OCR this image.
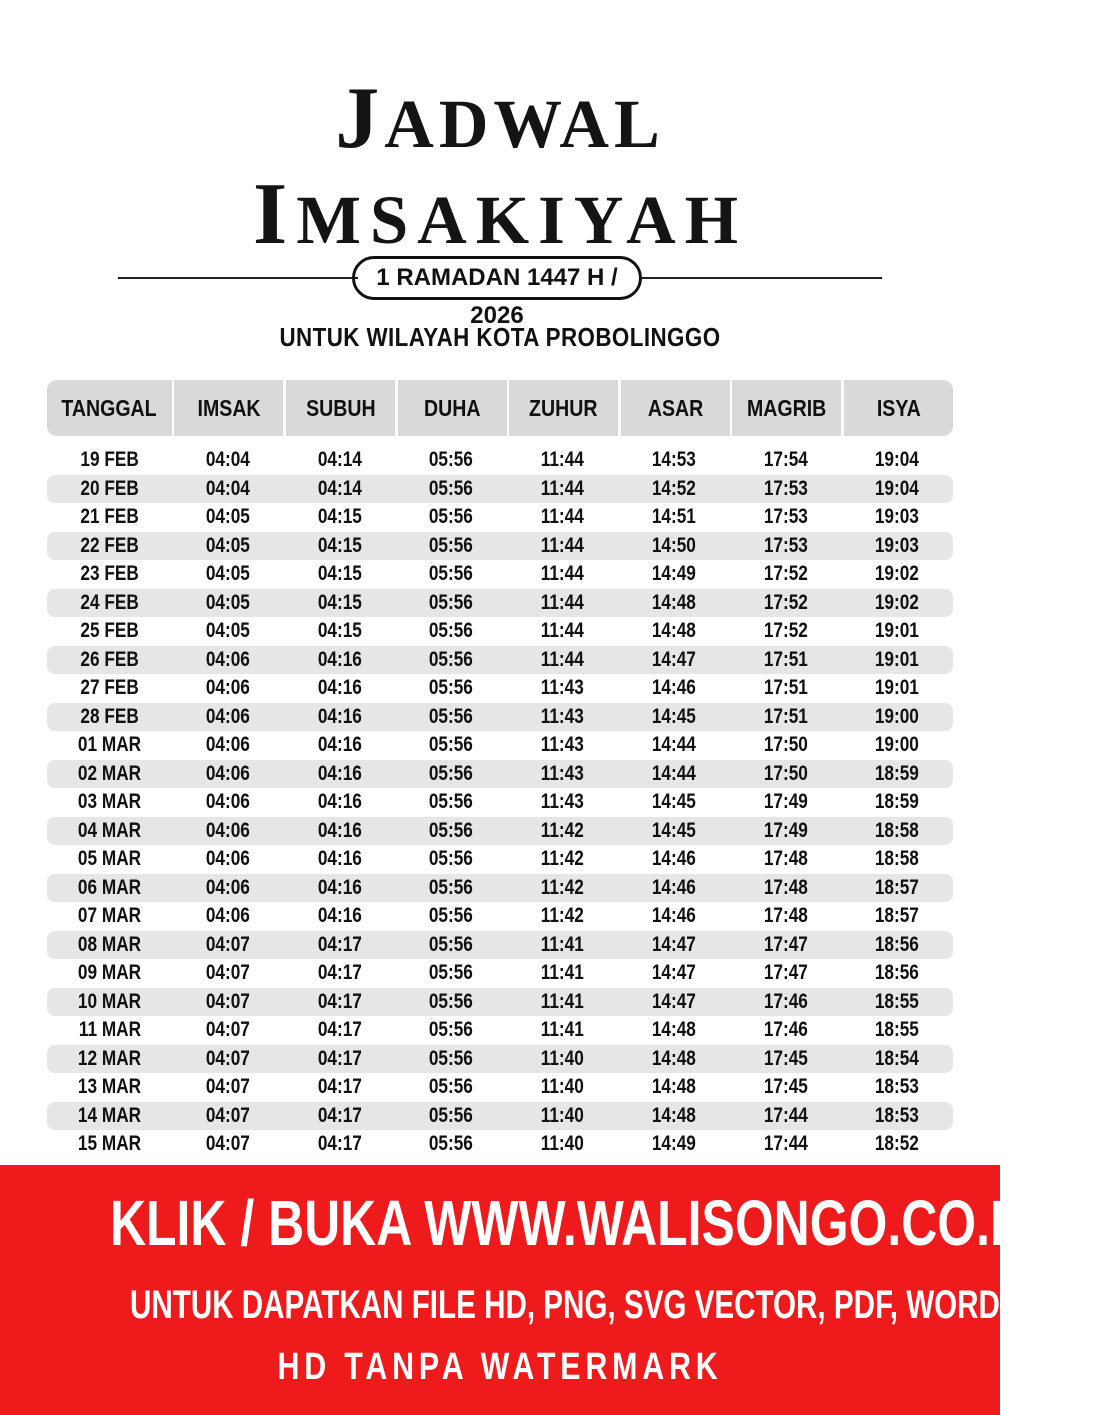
JADWAL
IMSAKIYAH
1 RAMADAN 1447 H / 2026
UNTUK WILAYAH KOTA PROBOLINGGO
TANGGAL IMSAK SUBUH DUHA ZUHUR ASAR MAGRIB ISYA
19 FEB	04:04	04:14	05:56	11:44	14:53	17:54	19:04
20 FEB	04:04	04:14	05:56	11:44	14:52	17:53	19:04
21 FEB	04:05	04:15	05:56	11:44	14:51	17:53	19:03
22 FEB	04:05	04:15	05:56	11:44	14:50	17:53	19:03
23 FEB	04:05	04:15	05:56	11:44	14:49	17:52	19:02
24 FEB	04:05	04:15	05:56	11:44	14:48	17:52	19:02
25 FEB	04:05	04:15	05:56	11:44	14:48	17:52	19:01
26 FEB	04:06	04:16	05:56	11:44	14:47	17:51	19:01
27 FEB	04:06	04:16	05:56	11:43	14:46	17:51	19:01
28 FEB	04:06	04:16	05:56	11:43	14:45	17:51	19:00
01 MAR	04:06	04:16	05:56	11:43	14:44	17:50	19:00
02 MAR	04:06	04:16	05:56	11:43	14:44	17:50	18:59
03 MAR	04:06	04:16	05:56	11:43	14:45	17:49	18:59
04 MAR	04:06	04:16	05:56	11:42	14:45	17:49	18:58
05 MAR	04:06	04:16	05:56	11:42	14:46	17:48	18:58
06 MAR	04:06	04:16	05:56	11:42	14:46	17:48	18:57
07 MAR	04:06	04:16	05:56	11:42	14:46	17:48	18:57
08 MAR	04:07	04:17	05:56	11:41	14:47	17:47	18:56
09 MAR	04:07	04:17	05:56	11:41	14:47	17:47	18:56
10 MAR	04:07	04:17	05:56	11:41	14:47	17:46	18:55
11 MAR	04:07	04:17	05:56	11:41	14:48	17:46	18:55
12 MAR	04:07	04:17	05:56	11:40	14:48	17:45	18:54
13 MAR	04:07	04:17	05:56	11:40	14:48	17:45	18:53
14 MAR	04:07	04:17	05:56	11:40	14:48	17:44	18:53
15 MAR	04:07	04:17	05:56	11:40	14:49	17:44	18:52
KLIK / BUKA WWW.WALISONGO.CO.ID
UNTUK DAPATKAN FILE HD, PNG, SVG VECTOR, PDF, WORD, EXCEL
HD TANPA WATERMARK
